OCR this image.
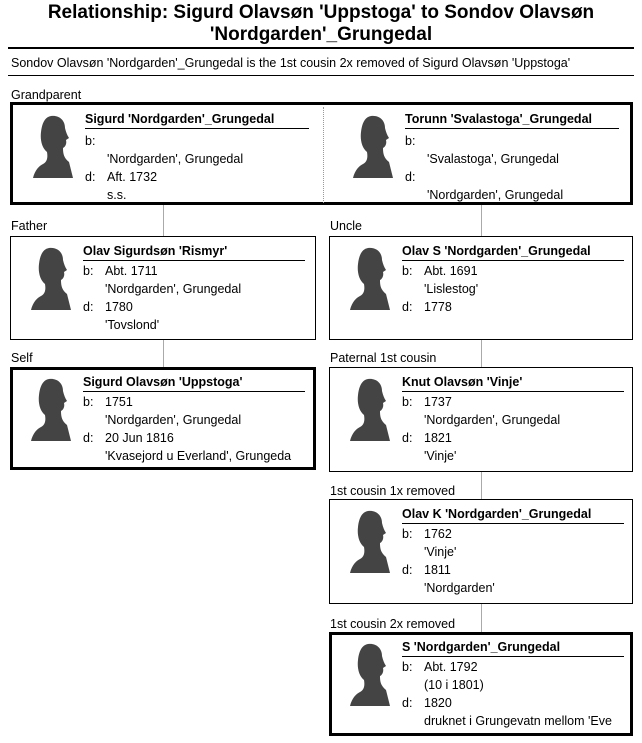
Relationship: Sigurd Olavsøn 'Uppstoga' to Sondov Olavsøn
'Nordgarden'_Grungedal
Sondov Olavsøn 'Nordgarden'_Grungedal is the 1st cousin 2x removed of Sigurd Olavsøn 'Uppstoga'
Grandparent
Father	Uncle
Self	Paternal 1st cousin
1st cousin 1x removed
1st cousin 2x removed
Sigurd 'Nordgarden'_Grungedal
b:
'Nordgarden', Grungedal
d: Aft. 1732
s.s.
Torunn 'Svalastoga'_Grungedal
b:
'Svalastoga', Grungedal
d:
'Nordgarden', Grungedal
Olav Sigurdsøn 'Rismyr'
b: Abt. 1711
'Nordgarden', Grungedal
d: 1780
'Tovslond'
Olav S 'Nordgarden'_Grungedal
b: Abt. 1691
'Lislestog'
d: 1778
Sigurd Olavsøn 'Uppstoga'
b: 1751
'Nordgarden', Grungedal
d: 20 Jun 1816
'Kvasejord u Everland', Grungeda
Knut Olavsøn 'Vinje'
b: 1737
'Nordgarden', Grungedal
d: 1821
'Vinje'
Olav K 'Nordgarden'_Grungedal
b: 1762
'Vinje'
d: 1811
'Nordgarden'
S 'Nordgarden'_Grungedal
b: Abt. 1792
(10 i 1801)
d: 1820
druknet i Grungevatn mellom 'Eve
